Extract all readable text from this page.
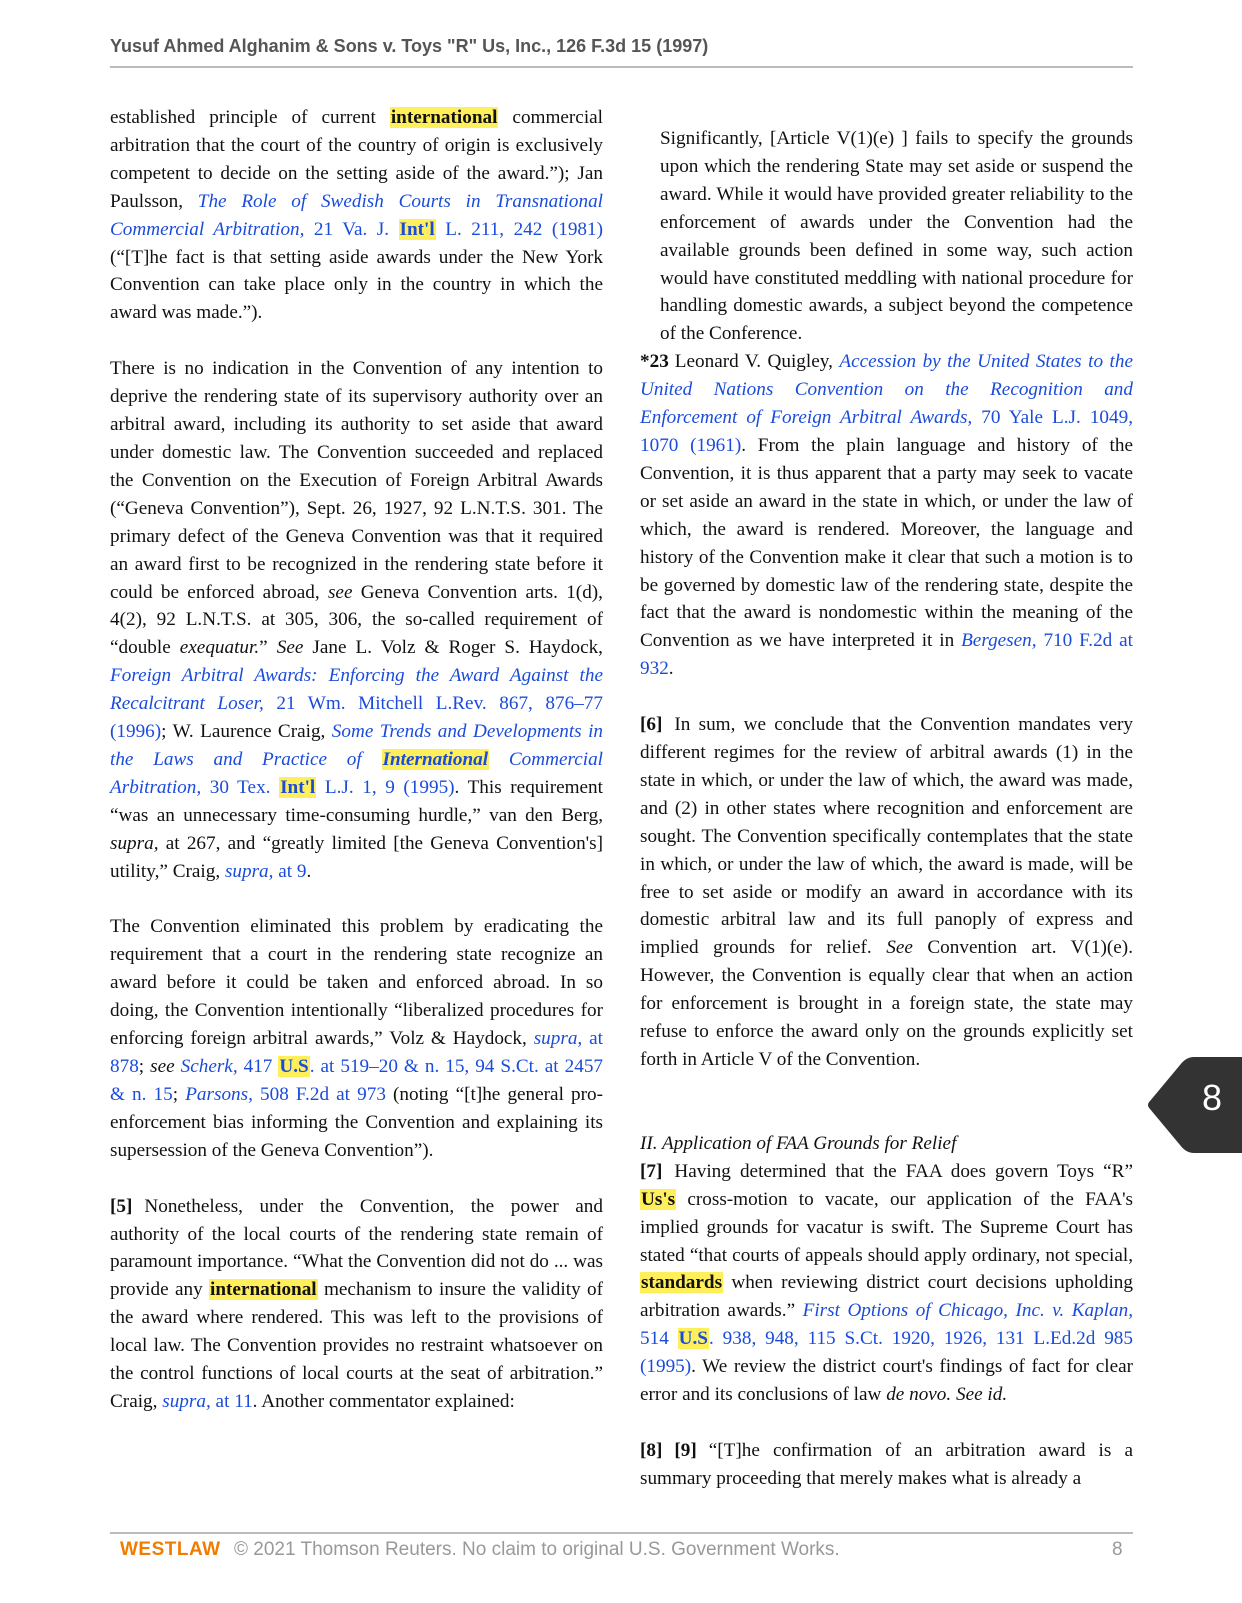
Yusuf Ahmed Alghanim & Sons v. Toys "R" Us, Inc., 126 F.3d 15 (1997)

established principle of current international commercial arbitration that the court of the country of origin is exclusively competent to decide on the setting aside of the award.”); Jan Paulsson, The Role of Swedish Courts in Transnational Commercial Arbitration, 21 Va. J. Int'l L. 211, 242 (1981) (“[T]he fact is that setting aside awards under the New York Convention can take place only in the country in which the award was made.”).

There is no indication in the Convention of any intention to deprive the rendering state of its supervisory authority over an arbitral award, including its authority to set aside that award under domestic law. The Convention succeeded and replaced the Convention on the Execution of Foreign Arbitral Awards (“Geneva Convention”), Sept. 26, 1927, 92 L.N.T.S. 301. The primary defect of the Geneva Convention was that it required an award first to be recognized in the rendering state before it could be enforced abroad, see Geneva Convention arts. 1(d), 4(2), 92 L.N.T.S. at 305, 306, the so-called requirement of “double exequatur.” See Jane L. Volz & Roger S. Haydock, Foreign Arbitral Awards: Enforcing the Award Against the Recalcitrant Loser, 21 Wm. Mitchell L.Rev. 867, 876–77 (1996); W. Laurence Craig, Some Trends and Developments in the Laws and Practice of International Commercial Arbitration, 30 Tex. Int'l L.J. 1, 9 (1995). This requirement “was an unnecessary time-consuming hurdle,” van den Berg, supra, at 267, and “greatly limited [the Geneva Convention's] utility,” Craig, supra, at 9.

The Convention eliminated this problem by eradicating the requirement that a court in the rendering state recognize an award before it could be taken and enforced abroad. In so doing, the Convention intentionally “liberalized procedures for enforcing foreign arbitral awards,” Volz & Haydock, supra, at 878; see Scherk, 417 U.S. at 519–20 & n. 15, 94 S.Ct. at 2457 & n. 15; Parsons, 508 F.2d at 973 (noting “[t]he general pro-enforcement bias informing the Convention and explaining its supersession of the Geneva Convention”).

[5] Nonetheless, under the Convention, the power and authority of the local courts of the rendering state remain of paramount importance. “What the Convention did not do ... was provide any international mechanism to insure the validity of the award where rendered. This was left to the provisions of local law. The Convention provides no restraint whatsoever on the control functions of local courts at the seat of arbitration.” Craig, supra, at 11. Another commentator explained:

Significantly, [Article V(1)(e) ] fails to specify the grounds upon which the rendering State may set aside or suspend the award. While it would have provided greater reliability to the enforcement of awards under the Convention had the available grounds been defined in some way, such action would have constituted meddling with national procedure for handling domestic awards, a subject beyond the competence of the Conference.

*23 Leonard V. Quigley, Accession by the United States to the United Nations Convention on the Recognition and Enforcement of Foreign Arbitral Awards, 70 Yale L.J. 1049, 1070 (1961). From the plain language and history of the Convention, it is thus apparent that a party may seek to vacate or set aside an award in the state in which, or under the law of which, the award is rendered. Moreover, the language and history of the Convention make it clear that such a motion is to be governed by domestic law of the rendering state, despite the fact that the award is nondomestic within the meaning of the Convention as we have interpreted it in Bergesen, 710 F.2d at 932.

[6] In sum, we conclude that the Convention mandates very different regimes for the review of arbitral awards (1) in the state in which, or under the law of which, the award was made, and (2) in other states where recognition and enforcement are sought. The Convention specifically contemplates that the state in which, or under the law of which, the award is made, will be free to set aside or modify an award in accordance with its domestic arbitral law and its full panoply of express and implied grounds for relief. See Convention art. V(1)(e). However, the Convention is equally clear that when an action for enforcement is brought in a foreign state, the state may refuse to enforce the award only on the grounds explicitly set forth in Article V of the Convention.

II. Application of FAA Grounds for Relief

[7] Having determined that the FAA does govern Toys “R” Us's cross-motion to vacate, our application of the FAA's implied grounds for vacatur is swift. The Supreme Court has stated “that courts of appeals should apply ordinary, not special, standards when reviewing district court decisions upholding arbitration awards.” First Options of Chicago, Inc. v. Kaplan, 514 U.S. 938, 948, 115 S.Ct. 1920, 1926, 131 L.Ed.2d 985 (1995). We review the district court's findings of fact for clear error and its conclusions of law de novo. See id.

[8] [9] “[T]he confirmation of an arbitration award is a summary proceeding that merely makes what is already a

8
WESTLAW © 2021 Thomson Reuters. No claim to original U.S. Government Works.	8
